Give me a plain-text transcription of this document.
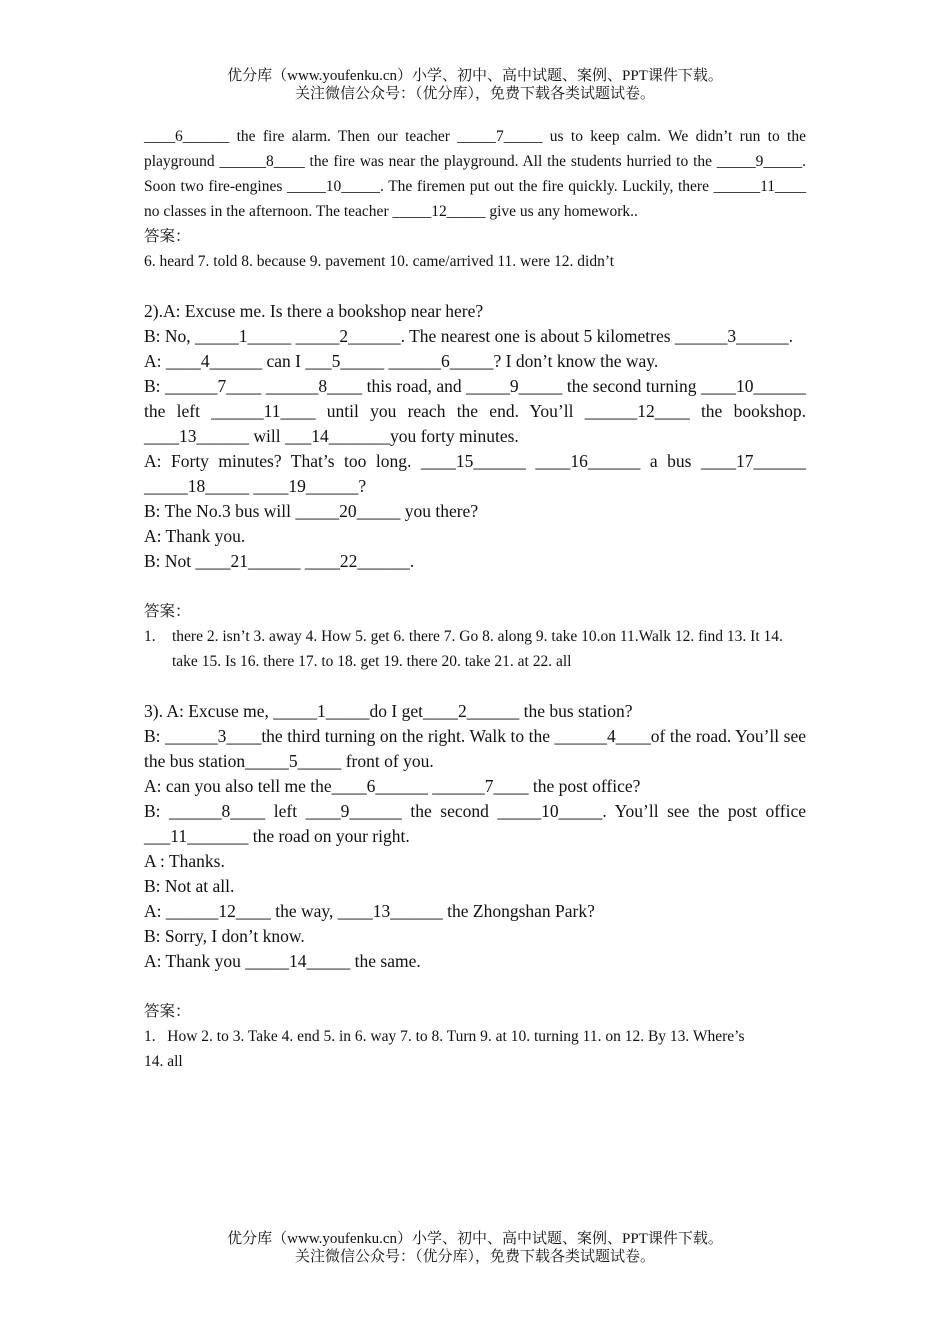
优分库（www.youfenku.cn）小学、初中、高中试题、案例、PPT课件下载。
关注微信公众号：（优分库），免费下载各类试题试卷。
____6______ the fire alarm. Then our teacher _____7_____ us to keep calm. We didn’t run to the playground ______8____ the fire was near the playground. All the students hurried to the _____9_____. Soon two fire-engines _____10_____. The firemen put out the fire quickly. Luckily, there ______11____ no classes in the afternoon. The teacher _____12_____ give us any homework..
答案：
6. heard 7. told 8. because 9. pavement 10. came/arrived 11. were 12. didn’t
2).A: Excuse me. Is there a bookshop near here?
B: No, _____1_____ _____2______. The nearest one is about 5 kilometres ______3______.
A: ____4______ can I ___5_____ ______6_____? I don’t know the way.
B: ______7____ ______8____ this road, and _____9_____ the second turning ____10______ the left ______11____ until you reach the end. You’ll ______12____ the bookshop. ____13______ will ___14_______you forty minutes.
A: Forty minutes? That’s too long. ____15______ ____16______ a bus ____17______ _____18_____ ____19______?
B: The No.3 bus will _____20_____ you there?
A: Thank you.
B: Not ____21______ ____22______.
答案：
1.	there 2. isn’t 3. away 4. How 5. get 6. there 7. Go 8. along 9. take 10.on 11.Walk 12. find 13. It 14. take 15. Is 16. there 17. to 18. get 19. there 20. take 21. at 22. all
3). A: Excuse me, _____1_____do I get____2______ the bus station?
B: ______3____the third turning on the right. Walk to the ______4____of the road. You’ll see the bus station_____5_____ front of you.
A: can you also tell me the____6______ ______7____ the post office?
B: ______8____ left ____9______ the second _____10_____. You’ll see the post office ___11_______ the road on your right.
A : Thanks.
B: Not at all.
A: ______12____ the way, ____13______ the Zhongshan Park?
B: Sorry, I don’t know.
A: Thank you _____14_____ the same.
答案：
1. How 2. to 3. Take 4. end 5. in 6. way 7. to 8. Turn 9. at 10. turning 11. on 12. By 13. Where’s
14. all
优分库（www.youfenku.cn）小学、初中、高中试题、案例、PPT课件下载。
关注微信公众号：（优分库），免费下载各类试题试卷。
